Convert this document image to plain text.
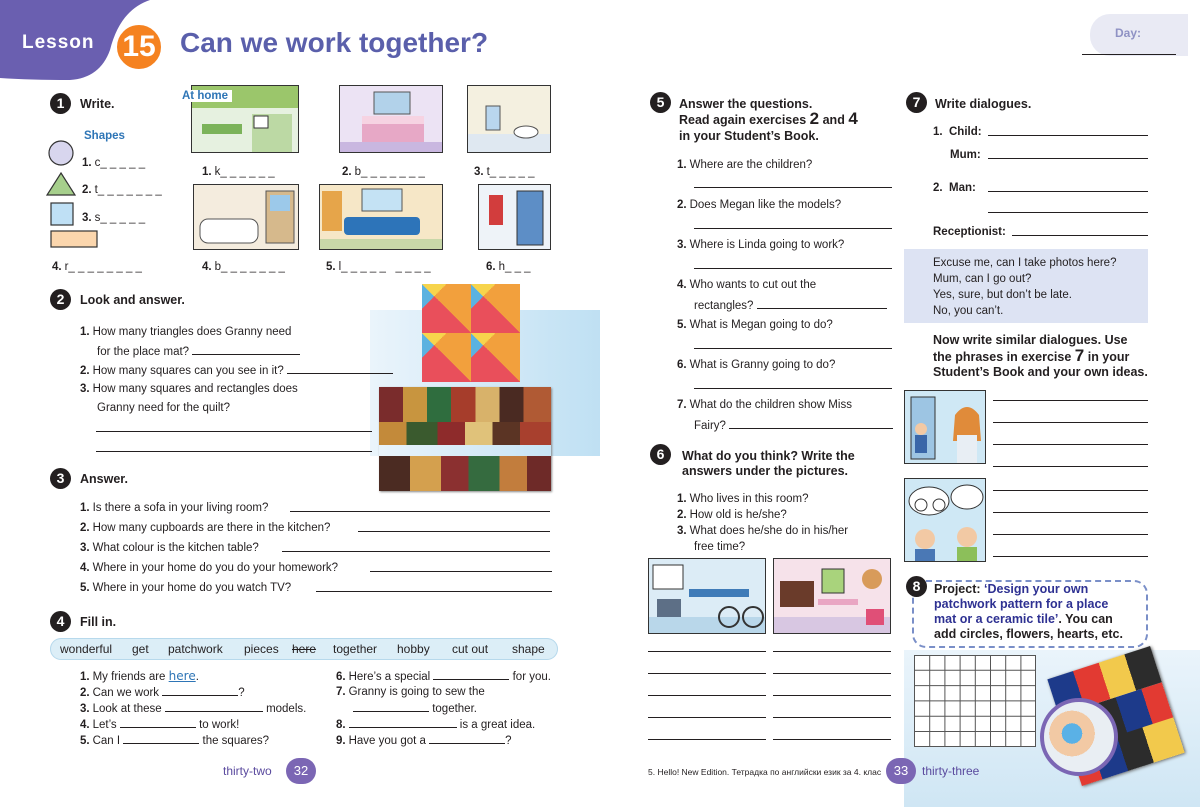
Lesson 15 Can we work together?	Day:
1	Write.
Shapes
At home
1. c_ _ _ _ _
2. t_ _ _ _ _ _ _
3. s_ _ _ _ _
4. r_ _ _ _ _ _ _ _
1. k_ _ _ _ _ _	2. b_ _ _ _ _ _ _	3. t_ _ _ _ _
4. b_ _ _ _ _ _ _	5. l_ _ _ _ _   _ _ _ _	6. h_ _ _
2	Look and answer.
1. How many triangles does Granny need
for the place mat?
2. How many squares can you see in it?
3. How many squares and rectangles does
Granny need for the quilt?
3	Answer.
1. Is there a sofa in your living room?
2. How many cupboards are there in the kitchen?
3. What colour is the kitchen table?
4. Where in your home do you do your homework?
5. Where in your home do you watch TV?
4	Fill in.
wonderful get patchwork pieces here together hobby cut out shape
1. My friends are here.
2. Can we work	?
3. Look at these	models.
4. Let’s	to work!
5. Can I	the squares?
6. Here’s a special	for you.
7. Granny is going to sew the
together.
8.	is a great idea.
9. Have you got a	?
thirty-two	32
5	Answer the questions.
Read again exercises 2 and 4
in your Student’s Book.
1. Where are the children?
2. Does Megan like the models?
3. Where is Linda going to work?
4. Who wants to cut out the
rectangles?
5. What is Megan going to do?
6. What is Granny going to do?
7. What do the children show Miss
Fairy?
6	What do you think? Write the
answers under the pictures.
1. Who lives in this room?
2. How old is he/she?
3. What does he/she do in his/her
free time?
7	Write dialogues.
1. Child:
Mum:
2. Man:
Receptionist:
Excuse me, can I take photos here?
Mum, can I go out?
Yes, sure, but don’t be late.
No, you can’t.
Now write similar dialogues. Use
the phrases in exercise 7 in your
Student’s Book and your own ideas.
8	Project: ‘Design your own
patchwork pattern for a place
mat or a ceramic tile’. You can
add circles, flowers, hearts, etc.
5. Hello! New Edition. Тетрадка по английски език за 4. клас 33	thirty-three
